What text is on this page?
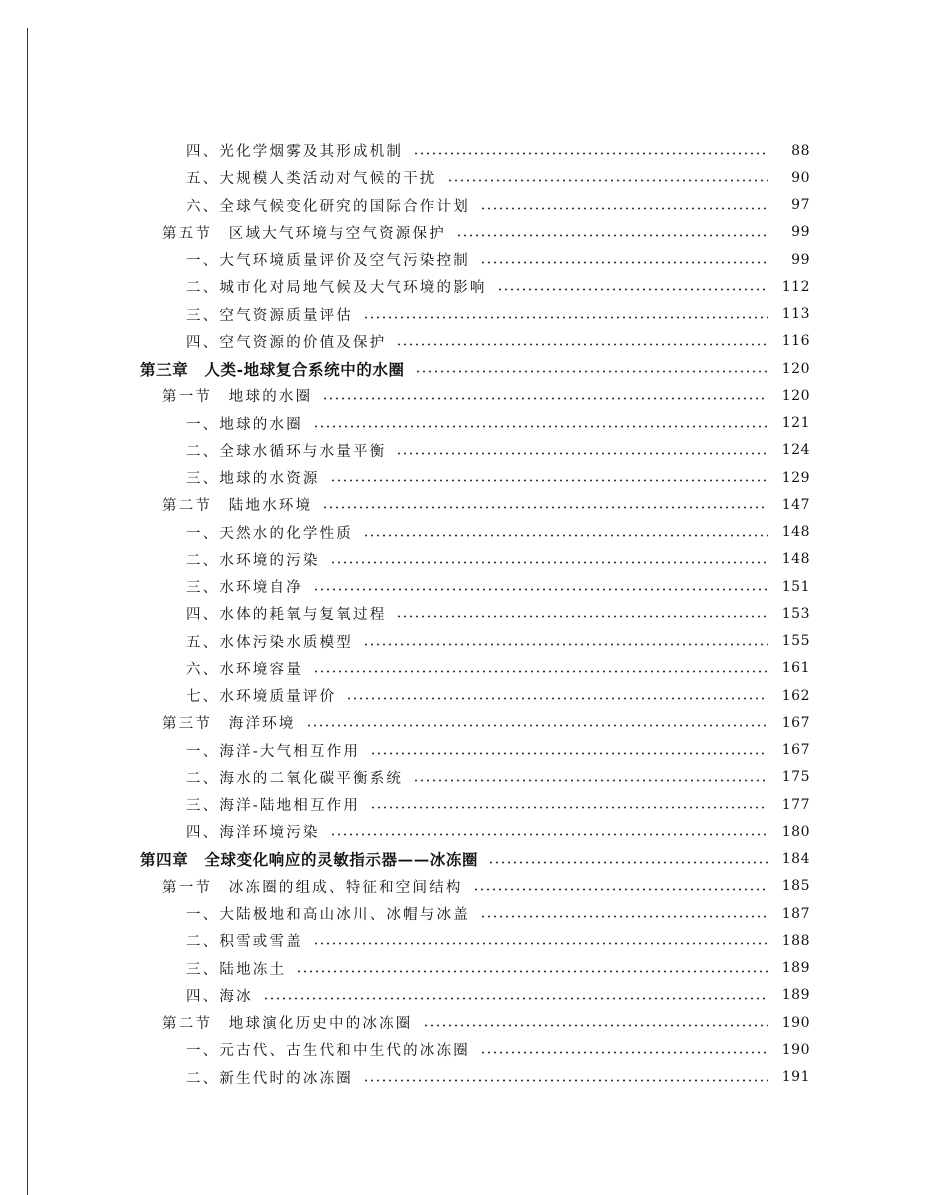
四、光化学烟雾及其形成机制	88
五、大规模人类活动对气候的干扰	90
六、全球气候变化研究的国际合作计划	97
第五节　区域大气环境与空气资源保护	99
一、大气环境质量评价及空气污染控制	99
二、城市化对局地气候及大气环境的影响	112
三、空气资源质量评估	113
四、空气资源的价值及保护	116
第三章　人类-地球复合系统中的水圈	120
第一节　地球的水圈	120
一、地球的水圈	121
二、全球水循环与水量平衡	124
三、地球的水资源	129
第二节　陆地水环境	147
一、天然水的化学性质	148
二、水环境的污染	148
三、水环境自净	151
四、水体的耗氧与复氧过程	153
五、水体污染水质模型	155
六、水环境容量	161
七、水环境质量评价	162
第三节　海洋环境	167
一、海洋-大气相互作用	167
二、海水的二氧化碳平衡系统	175
三、海洋-陆地相互作用	177
四、海洋环境污染	180
第四章　全球变化响应的灵敏指示器——冰冻圈	184
第一节　冰冻圈的组成、特征和空间结构	185
一、大陆极地和高山冰川、冰帽与冰盖	187
二、积雪或雪盖	188
三、陆地冻土	189
四、海冰	189
第二节　地球演化历史中的冰冻圈	190
一、元古代、古生代和中生代的冰冻圈	190
二、新生代时的冰冻圈	191
